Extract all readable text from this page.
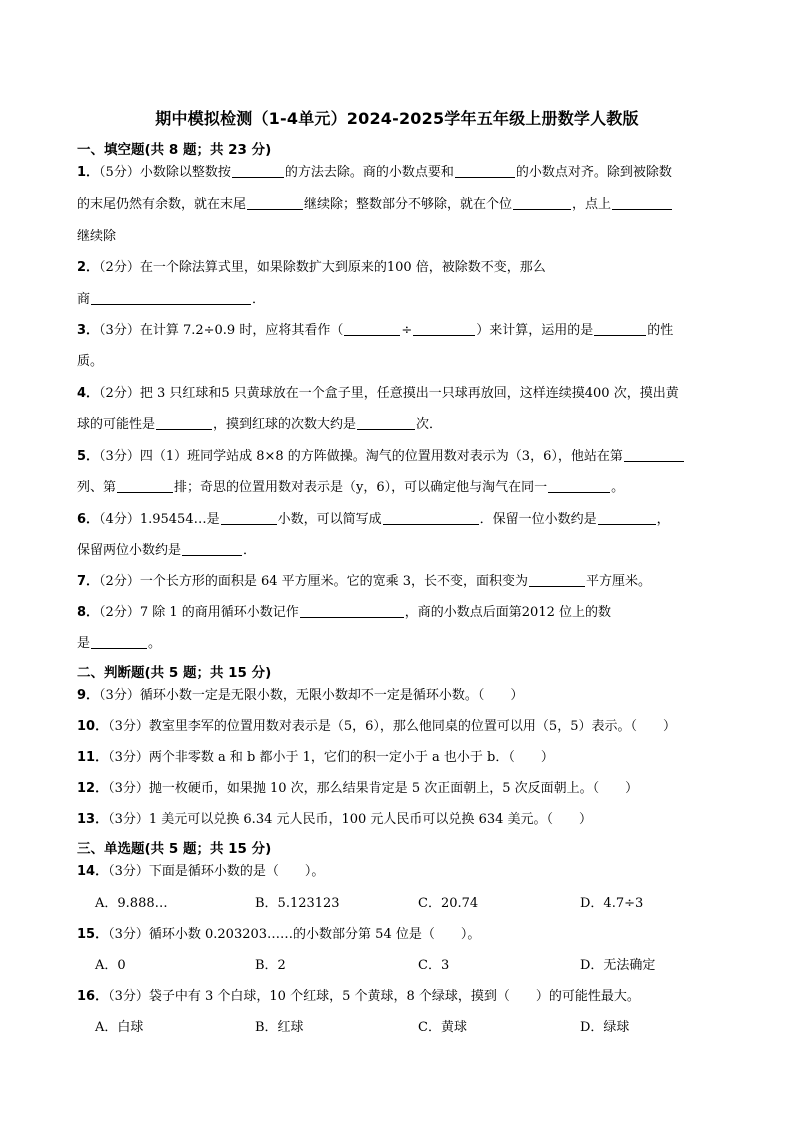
期中模拟检测（1-4单元）2024-2025学年五年级上册数学人教版
一、填空题(共 8 题；共 23 分)
1．（5分）小数除以整数按	的方法去除。商的小数点要和	的小数点对齐。除到被除数
的末尾仍然有余数，就在末尾	继续除；整数部分不够除，就在个位	，点上
继续除
2．（2分）在一个除法算式里，如果除数扩大到原来的100 倍，被除数不变，那么
商	．
3．（3分）在计算 7.2÷0.9 时，应将其看作（	÷	）来计算，运用的是	的性
质。
4．（2分）把 3 只红球和5 只黄球放在一个盒子里，任意摸出一只球再放回，这样连续摸400 次，摸出黄
球的可能性是	，摸到红球的次数大约是	次．
5．（3分）四（1）班同学站成 8×8 的方阵做操。淘气的位置用数对表示为（3，6），他站在第
列、第	排；奇思的位置用数对表示是（y，6），可以确定他与淘气在同一	。
6．（4分）1.95454…是	小数，可以简写成	．保留一位小数约是	，
保留两位小数约是	．
7．（2分）一个长方形的面积是 64 平方厘米。它的宽乘 3，长不变，面积变为	平方厘米。
8．（2分）7 除 1 的商用循环小数记作	，商的小数点后面第2012 位上的数
是	。
二、判断题(共 5 题；共 15 分)
9．（3分）循环小数一定是无限小数，无限小数却不一定是循环小数。（　　）
10．（3分）教室里李军的位置用数对表示是（5，6），那么他同桌的位置可以用（5，5）表示。（　　）
11．（3分）两个非零数 a 和 b 都小于 1，它们的积一定小于 a 也小于 b．（　　）
12．（3分）抛一枚硬币，如果抛 10 次，那么结果肯定是 5 次正面朝上，5 次反面朝上。（　　）
13．（3分）1 美元可以兑换 6.34 元人民币，100 元人民币可以兑换 634 美元。（　　）
三、单选题(共 5 题；共 15 分)
14．（3分）下面是循环小数的是（　　）。
A．9.888…	B．5.123123	C．20.74	D．4.7÷3
15．（3分）循环小数 0.203203……的小数部分第 54 位是（　　）。
A．0	B．2	C．3	D．无法确定
16．（3分）袋子中有 3 个白球，10 个红球，5 个黄球，8 个绿球，摸到（　　）的可能性最大。
A．白球	B．红球	C．黄球	D．绿球
